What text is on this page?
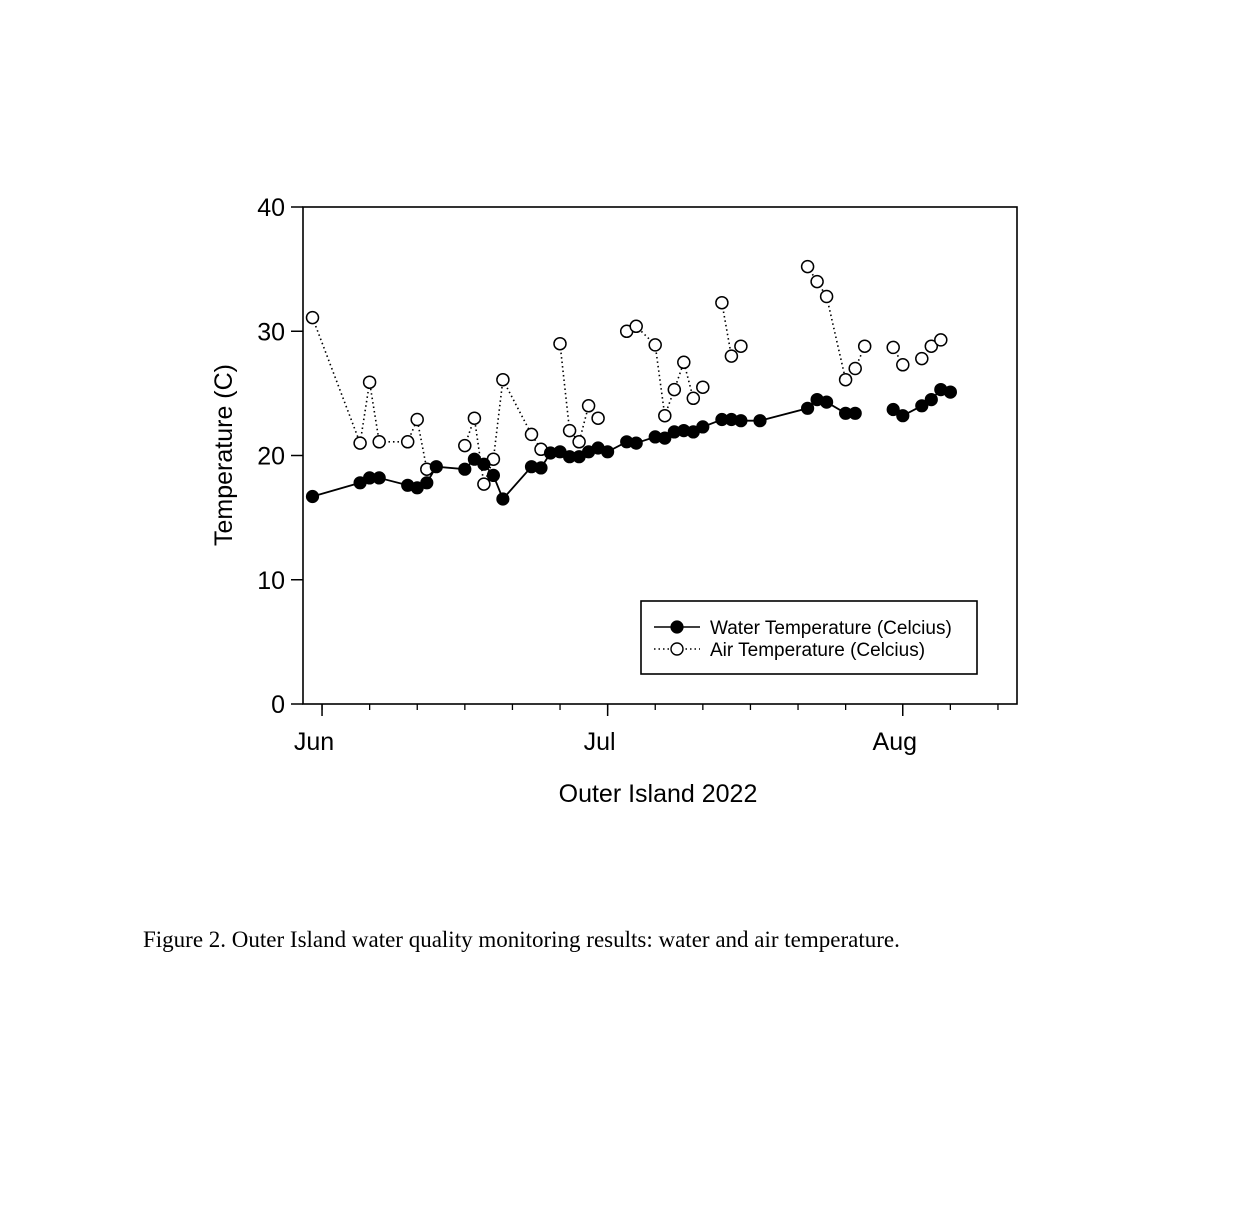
0
10
20
30
40
Jun	Jul	Aug
Temperature (C)
Outer Island 2022
Water Temperature (Celcius)
Air Temperature (Celcius)
Figure 2. Outer Island water quality monitoring results: water and air temperature.
